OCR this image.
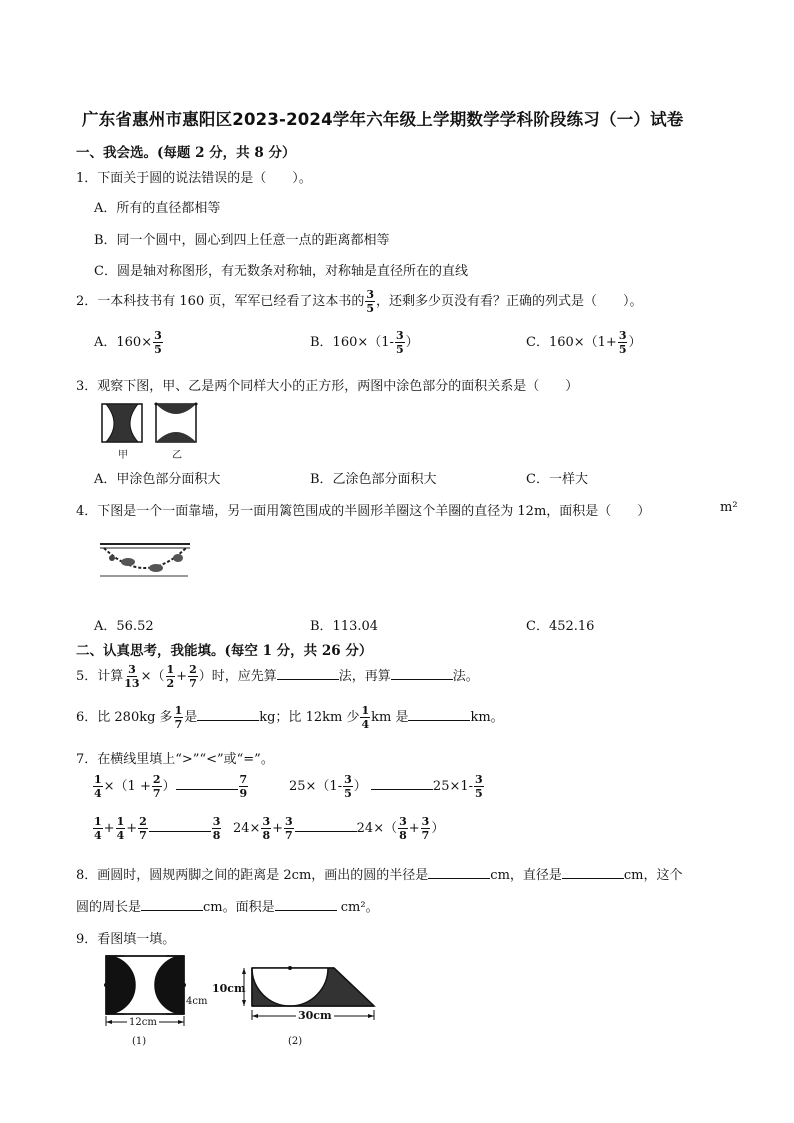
广东省惠州市惠阳区2023-2024学年六年级上学期数学学科阶段练习（一）试卷
一、我会选。(每题 2 分，共 8 分）
1．下面关于圆的说法错误的是（　　）。
A．所有的直径都相等
B．同一个圆中，圆心到四上任意一点的距离都相等
C．圆是轴对称图形，有无数条对称轴，对称轴是直径所在的直线
2．一本科技书有 160 页，军军已经看了这本书的 $\frac{3}{5}$ ，还剩多少页没有看？正确的列式是（　　）。
A．$160\times \frac{3}{5}$	B．$160\times(1- \frac{3}{5}$ ）	C．$160\times(1+ \frac{3}{5}$ ）
3．观察下图，甲、乙是两个同样大小的正方形，两图中涂色部分的面积关系是（　　）
甲	乙
A．甲涂色部分面积大	B．乙涂色部分面积大	C．一样大
4．下图是一个一面靠墙，另一面用篱笆围成的半圆形羊圈这个羊圈的直径为 12m，面积是（　　）	m²
A．56.52	B．113.04	C．452.16
二、认真思考，我能填。(每空 1 分，共 26 分）
5．计算 $\frac{3}{13}$ ×（ $\frac{1}{2} + \frac{2}{7}$ ）时，应先算	法，再算	法。
6．比 280kg 多 $\frac{1}{7}$ 是	kg；比 12km 少 $\frac{1}{4}$ km 是	km。
7．在横线里填上“>”“<”或“=”。
$\frac{1}{4} \times(1 + \frac{2}{7}$ ）	$\frac{7}{9}$	$25\times(1- \frac{3}{5}$ ）	$25\times 1- \frac{3}{5}$
$\frac{1}{4} + \frac{1}{4} + \frac{2}{7}$	$\frac{3}{8} 24\times \frac{3}{8} + \frac{3}{7}$	$24\times( \frac{3}{8} + \frac{3}{7}$ ）
8．画圆时，圆规两脚之间的距离是 2cm，画出的圆的半径是	cm，直径是	cm，这个
圆的周长是	cm。面积是	cm²。
9．看图填一填。
12cm
4cm
(1)
10cm
30cm
(2)
